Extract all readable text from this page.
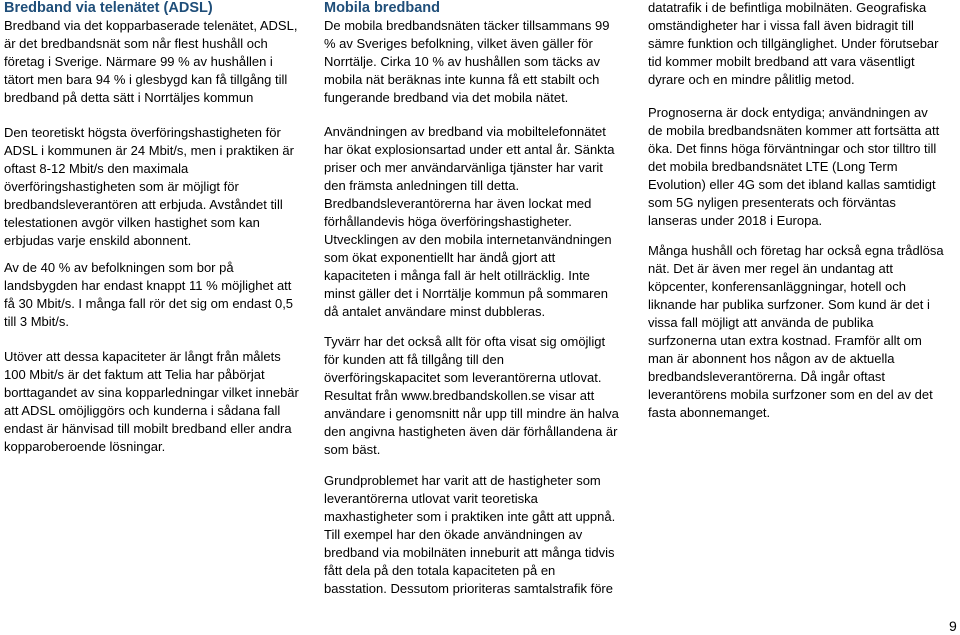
Bredband via telenätet (ADSL)

Bredband via det kopparbaserade telenätet, ADSL,

är det bredbandsnät som når flest hushåll och

företag i Sverige. Närmare 99 % av hushållen i

tätort men bara 94 % i glesbygd kan få tillgång till

bredband på detta sätt i Norrtäljes kommun

Den teoretiskt högsta överföringshastigheten för

ADSL i kommunen är 24 Mbit/s, men i praktiken är

oftast 8-12 Mbit/s den maximala

överföringshastigheten som är möjligt för

bredbandsleverantören att erbjuda. Avståndet till

telestationen avgör vilken hastighet som kan

erbjudas varje enskild abonnent.

Av de 40 % av befolkningen som bor på

landsbygden har endast knappt 11 % möjlighet att

få 30 Mbit/s. I många fall rör det sig om endast 0,5

till 3 Mbit/s.

Utöver att dessa kapaciteter är långt från målets

100 Mbit/s är det faktum att Telia har påbörjat

borttagandet av sina kopparledningar vilket innebär

att ADSL omöjliggörs och kunderna i sådana fall

endast är hänvisad till mobilt bredband eller andra

kopparoberoende lösningar.

Mobila bredband

De mobila bredbandsnäten täcker tillsammans 99

% av Sveriges befolkning, vilket även gäller för

Norrtälje. Cirka 10 % av hushållen som täcks av

mobila nät beräknas inte kunna få ett stabilt och

fungerande bredband via det mobila nätet.

Användningen av bredband via mobiltelefonnätet

har ökat explosionsartad under ett antal år. Sänkta

priser och mer användarvänliga tjänster har varit

den främsta anledningen till detta.

Bredbandsleverantörerna har även lockat med

förhållandevis höga överföringshastigheter.

Utvecklingen av den mobila internetanvändningen

som ökat exponentiellt har ändå gjort att

kapaciteten i många fall är helt otillräcklig. Inte

minst gäller det i Norrtälje kommun på sommaren

då antalet användare minst dubbleras.

Tyvärr har det också allt för ofta visat sig omöjligt

för kunden att få tillgång till den

överföringskapacitet som leverantörerna utlovat.

Resultat från www.bredbandskollen.se visar att

användare i genomsnitt når upp till mindre än halva

den angivna hastigheten även där förhållandena är

som bäst.

Grundproblemet har varit att de hastigheter som

leverantörerna utlovat varit teoretiska

maxhastigheter som i praktiken inte gått att uppnå.

Till exempel har den ökade användningen av

bredband via mobilnäten inneburit att många tidvis

fått dela på den totala kapaciteten på en

basstation. Dessutom prioriteras samtalstrafik före

datatrafik i de befintliga mobilnäten. Geografiska

omständigheter har i vissa fall även bidragit till

sämre funktion och tillgänglighet. Under förutsebar

tid kommer mobilt bredband att vara väsentligt

dyrare och en mindre pålitlig metod.

Prognoserna är dock entydiga; användningen av

de mobila bredbandsnäten kommer att fortsätta att

öka. Det finns höga förväntningar och stor tilltro till

det mobila bredbandsnätet LTE (Long Term

Evolution) eller 4G som det ibland kallas samtidigt

som 5G nyligen presenterats och förväntas

lanseras under 2018 i Europa.

Många hushåll och företag har också egna trådlösa

nät. Det är även mer regel än undantag att

köpcenter, konferensanläggningar, hotell och

liknande har publika surfzoner. Som kund är det i

vissa fall möjligt att använda de publika

surfzonerna utan extra kostnad. Framför allt om

man är abonnent hos någon av de aktuella

bredbandsleverantörerna. Då ingår oftast

leverantörens mobila surfzoner som en del av det

fasta abonnemanget.

9
